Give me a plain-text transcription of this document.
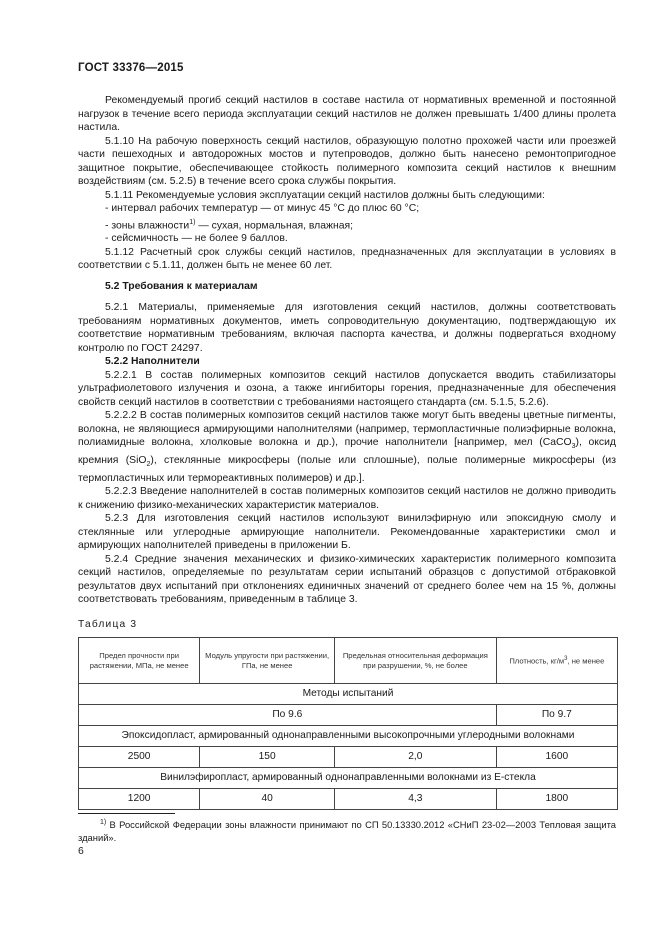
ГОСТ 33376—2015

Рекомендуемый прогиб секций настилов в составе настила от нормативных временной и постоянной нагрузок в течение всего периода эксплуатации секций настилов не должен превышать 1/400 длины пролета настила.

5.1.10 На рабочую поверхность секций настилов, образующую полотно прохожей части или проезжей части пешеходных и автодорожных мостов и путепроводов, должно быть нанесено ремонтопригодное защитное покрытие, обеспечивающее стойкость полимерного композита секций настилов к внешним воздействиям (см. 5.2.5) в течение всего срока службы покрытия.

5.1.11 Рекомендуемые условия эксплуатации секций настилов должны быть следующими:

- интервал рабочих температур — от минус 45 °С до плюс 60 °С;

- зоны влажности$^{1)}$ — сухая, нормальная, влажная;

- сейсмичность — не более 9 баллов.

5.1.12 Расчетный срок службы секций настилов, предназначенных для эксплуатации в условиях в соответствии с 5.1.11, должен быть не менее 60 лет.

5.2 Требования к материалам

5.2.1 Материалы, применяемые для изготовления секций настилов, должны соответствовать требованиям нормативных документов, иметь сопроводительную документацию, подтверждающую их соответствие нормативным требованиям, включая паспорта качества, и должны подвергаться входному контролю по ГОСТ 24297.

5.2.2 Наполнители

5.2.2.1 В состав полимерных композитов секций настилов допускается вводить стабилизаторы ультрафиолетового излучения и озона, а также ингибиторы горения, предназначенные для обеспечения свойств секций настилов в соответствии с требованиями настоящего стандарта (см. 5.1.5, 5.2.6).

5.2.2.2 В состав полимерных композитов секций настилов также могут быть введены цветные пигменты, волокна, не являющиеся армирующими наполнителями (например, термопластичные полиэфирные волокна, полиамидные волокна, хлолковые волокна и др.), прочие наполнители [например, мел (CaCO$_3$), оксид кремния (SiO$_2$), стеклянные микросферы (полые или сплошные), полые полимерные микросферы (из термопластичных или термореактивных полимеров) и др.].

5.2.2.3 Введение наполнителей в состав полимерных композитов секций настилов не должно приводить к снижению физико-механических характеристик материалов.

5.2.3 Для изготовления секций настилов используют винилэфирную или эпоксидную смолу и стеклянные или углеродные армирующие наполнители. Рекомендованные характеристики смол и армирующих наполнителей приведены в приложении Б.

5.2.4 Средние значения механических и физико-химических характеристик полимерного композита секций настилов, определяемые по результатам серии испытаний образцов с допустимой отбраковкой результатов двух испытаний при отклонениях единичных значений от среднего более чем на 15 %, должны соответствовать требованиям, приведенным в таблице 3.

Таблица 3

Предел прочности при растяжении, МПа, не менее	Модуль упругости при растяжении, ГПа, не менее	Предельная относительная деформация при разрушении, %, не более	Плотность, $кг/м^3$, не менее
Методы испытаний			
По 9.6			По 9.7
Эпоксидопласт, армированный однонаправленными высокопрочными углеродными волокнами			
2500	150	2,0	1600
Винилэфиропласт, армированный однонаправленными волокнами из Е-стекла			
1200	40	4,3	1800
$^{1)}$ В Российской Федерации зоны влажности принимают по СП 50.13330.2012 «СНиП 23-02—2003 Тепловая защита зданий».
6
